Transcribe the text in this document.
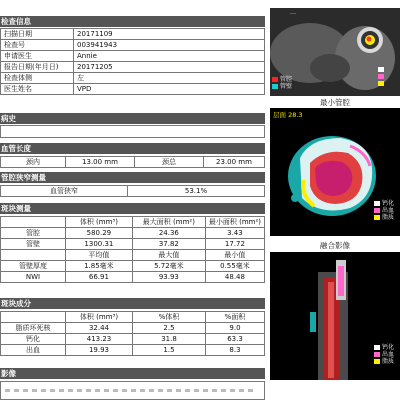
检查信息
扫描日期	20171109
检查号	003941943
申请医生	Annie
报告日期(年月日)	20171205
检查体侧	左
医生姓名	VPD
病史
血管长度
颈内	13.00 mm	颈总	23.00 mm
管腔狭窄测量
血管狭窄	53.1%
斑块测量
	体积 (mm³)	最大面积 (mm²)	最小面积 (mm²)
管腔	580.29	24.36	3.43
管壁	1300.31	37.82	17.72
	平均值	最大值	最小值
管壁厚度	1.85毫米	5.72毫米	0.55毫米
NWI	66.91	93.93	48.48
斑块成分
	体积 (mm³)	%体积	%面积
脂质坏死核	32.44	2.5	9.0
钙化	413.23	31.8	63.3
出血	19.93	1.5	8.3
影像
…
管腔
管壁
最小管腔
层面 28.3
钙化
出血
脂质
融合影像
钙化
出血
脂质
